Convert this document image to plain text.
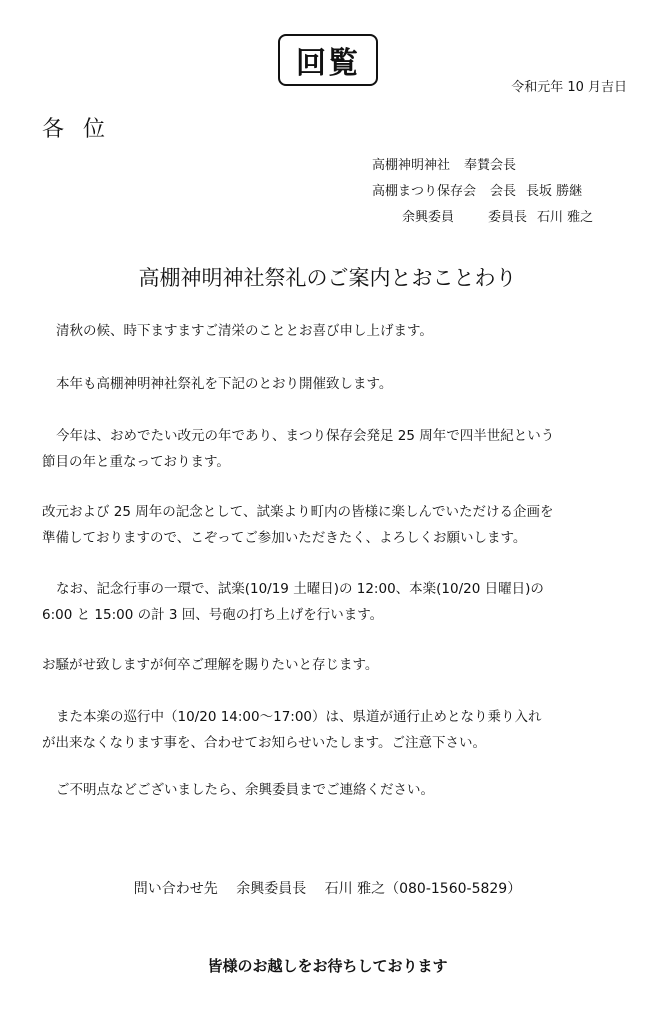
回覧
令和元年 10 月吉日
各 位
高棚神明神社 奉賛会長
高棚まつり保存会 会長 長坂 勝継
余興委員	委員長 石川 雅之
高棚神明神社祭礼のご案内とおことわり
清秋の候、時下ますますご清栄のこととお喜び申し上げます。
本年も高棚神明神社祭礼を下記のとおり開催致します。
今年は、おめでたい改元の年であり、まつり保存会発足 25 周年で四半世紀という
節目の年と重なっております。
改元および 25 周年の記念として、試楽より町内の皆様に楽しんでいただける企画を
準備しておりますので、こぞってご参加いただきたく、よろしくお願いします。
なお、記念行事の一環で、試楽(10/19 土曜日)の 12:00、本楽(10/20 日曜日)の
6:00 と 15:00 の計 3 回、号砲の打ち上げを行います。
お騒がせ致しますが何卒ご理解を賜りたいと存じます。
また本楽の巡行中（10/20 14:00～17:00）は、県道が通行止めとなり乗り入れ
が出来なくなります事を、合わせてお知らせいたします。ご注意下さい。
ご不明点などございましたら、余興委員までご連絡ください。
問い合わせ先 余興委員長 石川 雅之（080-1560-5829）
皆様のお越しをお待ちしております
